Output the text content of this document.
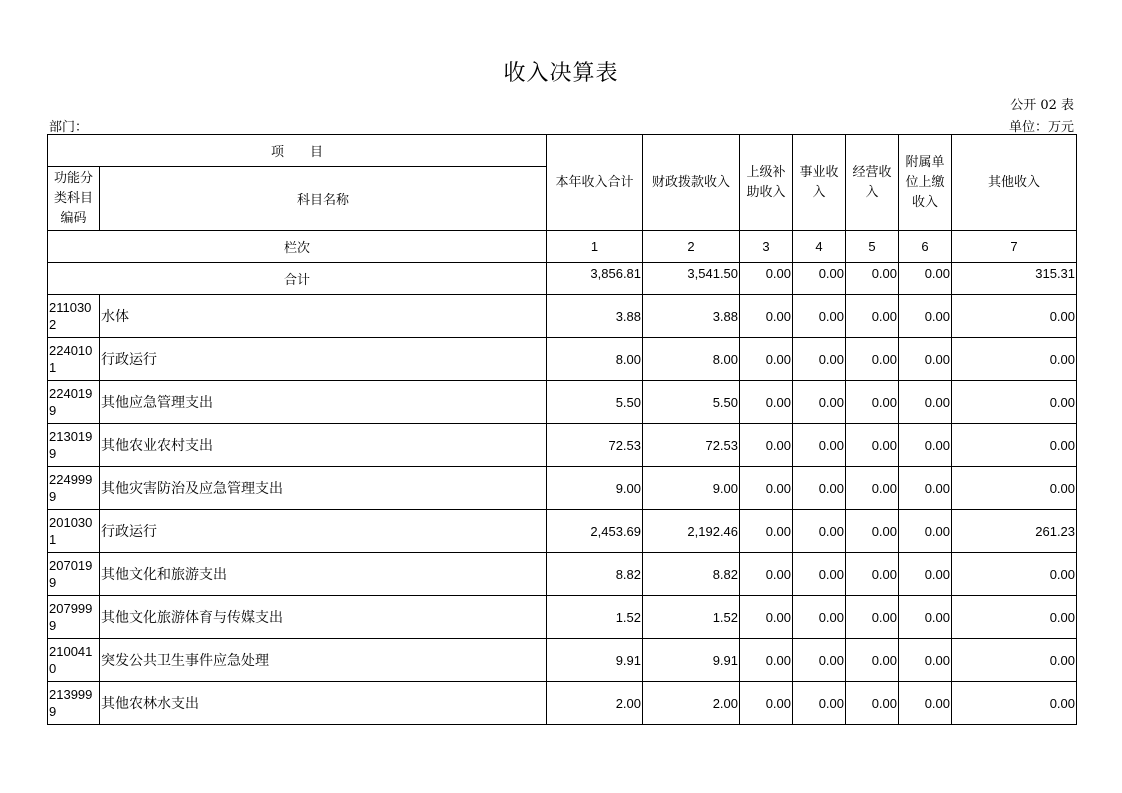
收入决算表
公开 02 表
部门：	单位：万元
项　　目		本年收入合计	财政拨款收入	上级补助收入	事业收入	经营收入	附属单位上缴收入	其他收入
功能分类科目编码	科目名称							
栏次		1	2	3	4	5	6	7
合计		3,856.81	3,541.50	0.00	0.00	0.00	0.00	315.31
2110302	水体	3.88	3.88	0.00	0.00	0.00	0.00	0.00
2240101	行政运行	8.00	8.00	0.00	0.00	0.00	0.00	0.00
2240199	其他应急管理支出	5.50	5.50	0.00	0.00	0.00	0.00	0.00
2130199	其他农业农村支出	72.53	72.53	0.00	0.00	0.00	0.00	0.00
2249999	其他灾害防治及应急管理支出	9.00	9.00	0.00	0.00	0.00	0.00	0.00
2010301	行政运行	2,453.69	2,192.46	0.00	0.00	0.00	0.00	261.23
2070199	其他文化和旅游支出	8.82	8.82	0.00	0.00	0.00	0.00	0.00
2079999	其他文化旅游体育与传媒支出	1.52	1.52	0.00	0.00	0.00	0.00	0.00
2100410	突发公共卫生事件应急处理	9.91	9.91	0.00	0.00	0.00	0.00	0.00
2139999	其他农林水支出	2.00	2.00	0.00	0.00	0.00	0.00	0.00
